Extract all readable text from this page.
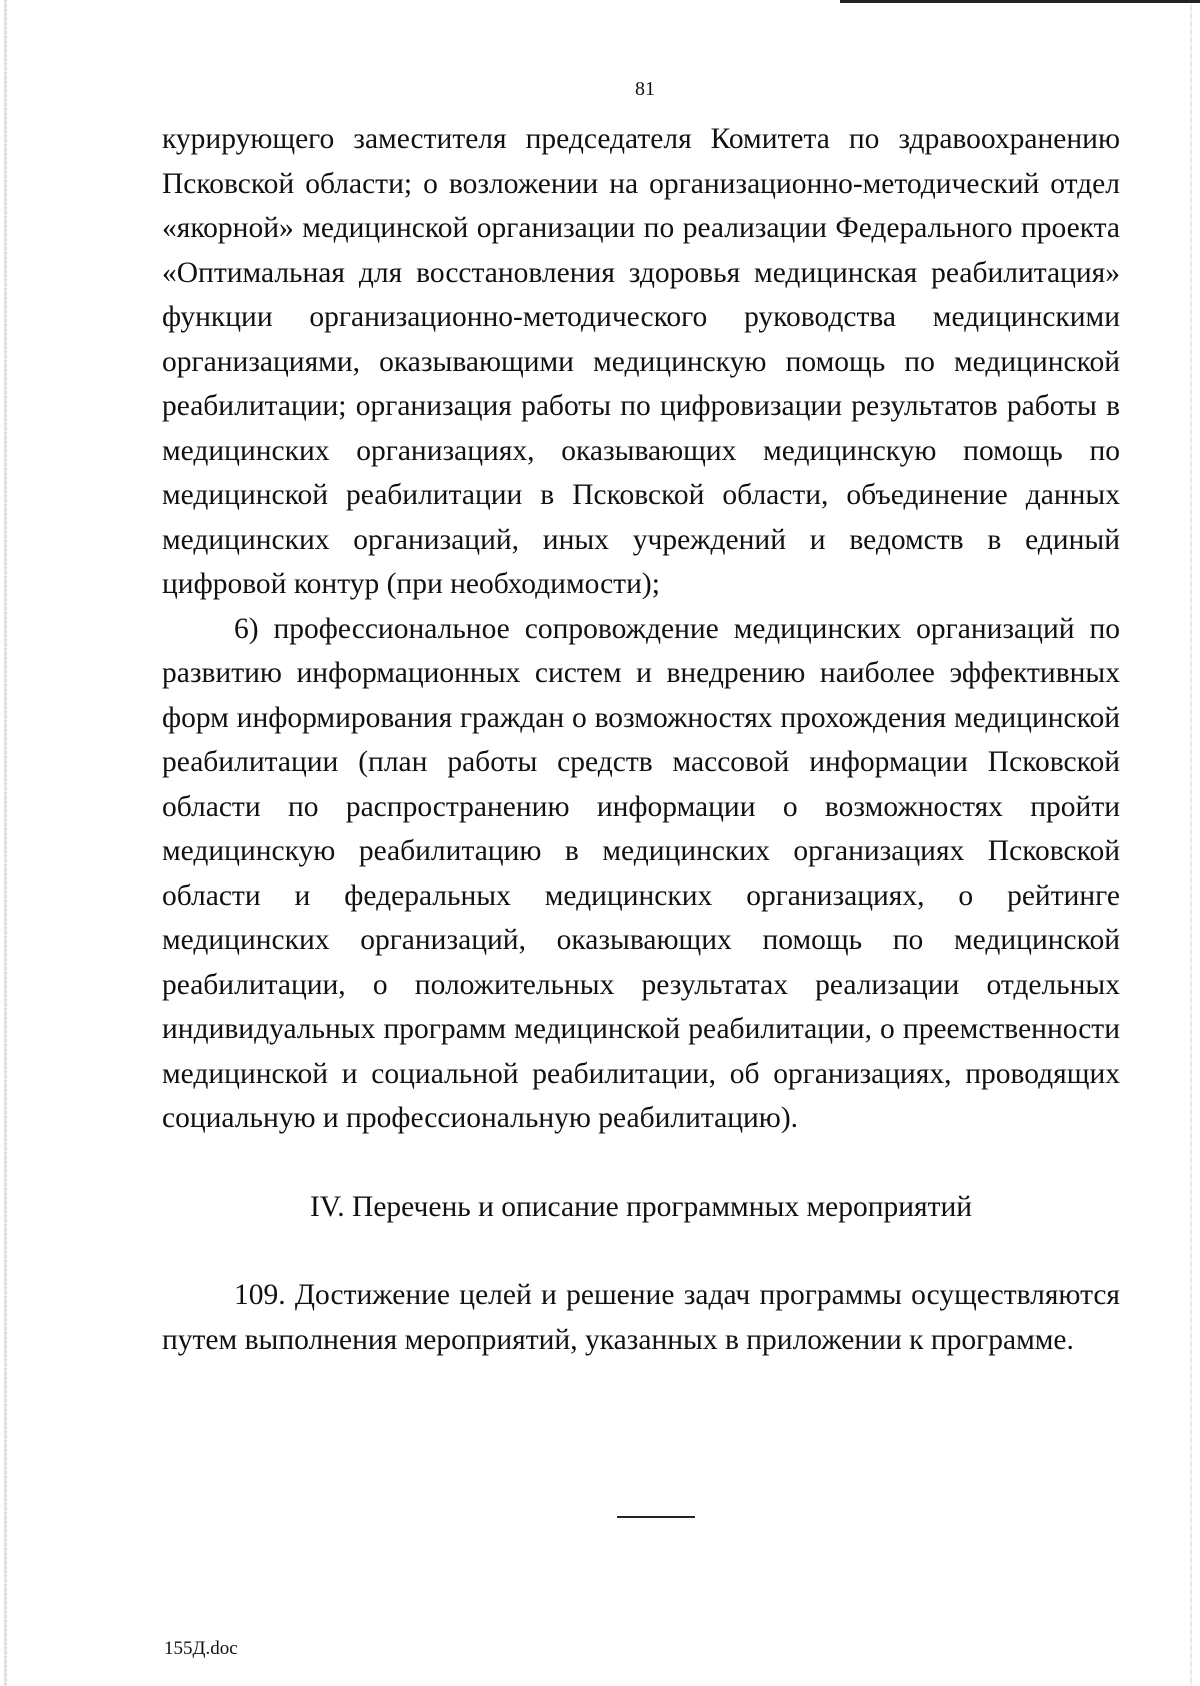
81

курирующего заместителя председателя Комитета по здравоохранению Псковской области; о возложении на организационно-методический отдел «якорной» медицинской организации по реализации Федерального проекта «Оптимальная для восстановления здоровья медицинская реабилитация» функции организационно-методического руководства медицинскими организациями, оказывающими медицинскую помощь по медицинской реабилитации; организация работы по цифровизации результатов работы в медицинских организациях, оказывающих медицинскую помощь по медицинской реабилитации в Псковской области, объединение данных медицинских организаций, иных учреждений и ведомств в единый цифровой контур (при необходимости);

6) профессиональное сопровождение медицинских организаций по развитию информационных систем и внедрению наиболее эффективных форм информирования граждан о возможностях прохождения медицинской реабилитации (план работы средств массовой информации Псковской области по распространению информации о возможностях пройти медицинскую реабилитацию в медицинских организациях Псковской области и федеральных медицинских организациях, о рейтинге медицинских организаций, оказывающих помощь по медицинской реабилитации, о положительных результатах реализации отдельных индивидуальных программ медицинской реабилитации, о преемственности медицинской и социальной реабилитации, об организациях, проводящих социальную и профессиональную реабилитацию).

IV. Перечень и описание программных мероприятий

109. Достижение целей и решение задач программы осуществляются путем выполнения мероприятий, указанных в приложении к программе.

155Д.doc
